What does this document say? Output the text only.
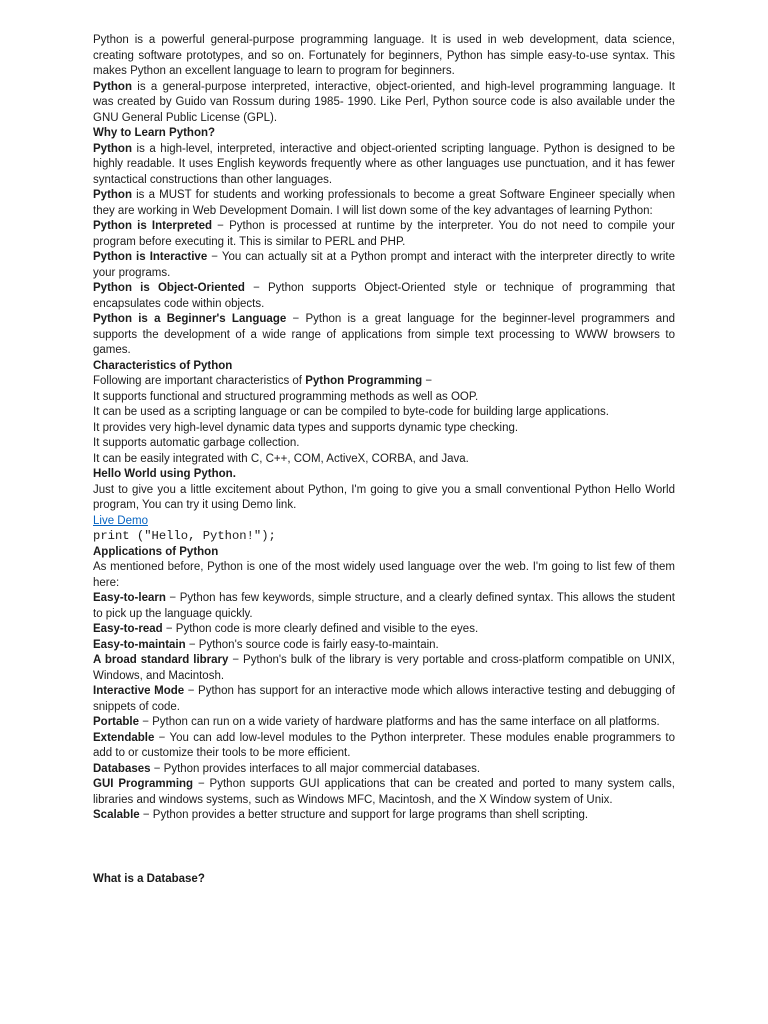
Python is a powerful general-purpose programming language. It is used in web development, data science, creating software prototypes, and so on. Fortunately for beginners, Python has simple easy-to-use syntax. This makes Python an excellent language to learn to program for beginners.

Python is a general-purpose interpreted, interactive, object-oriented, and high-level programming language. It was created by Guido van Rossum during 1985- 1990. Like Perl, Python source code is also available under the GNU General Public License (GPL).

Why to Learn Python?

Python is a high-level, interpreted, interactive and object-oriented scripting language. Python is designed to be highly readable. It uses English keywords frequently where as other languages use punctuation, and it has fewer syntactical constructions than other languages.

Python is a MUST for students and working professionals to become a great Software Engineer specially when they are working in Web Development Domain. I will list down some of the key advantages of learning Python:

Python is Interpreted − Python is processed at runtime by the interpreter. You do not need to compile your program before executing it. This is similar to PERL and PHP.

Python is Interactive − You can actually sit at a Python prompt and interact with the interpreter directly to write your programs.

Python is Object-Oriented − Python supports Object-Oriented style or technique of programming that encapsulates code within objects.

Python is a Beginner's Language − Python is a great language for the beginner-level programmers and supports the development of a wide range of applications from simple text processing to WWW browsers to games.

Characteristics of Python

Following are important characteristics of Python Programming −

It supports functional and structured programming methods as well as OOP.

It can be used as a scripting language or can be compiled to byte-code for building large applications.

It provides very high-level dynamic data types and supports dynamic type checking.

It supports automatic garbage collection.

It can be easily integrated with C, C++, COM, ActiveX, CORBA, and Java.

Hello World using Python.

Just to give you a little excitement about Python, I'm going to give you a small conventional Python Hello World program, You can try it using Demo link.

Live Demo
print ("Hello, Python!");

Applications of Python

As mentioned before, Python is one of the most widely used language over the web. I'm going to list few of them here:

Easy-to-learn − Python has few keywords, simple structure, and a clearly defined syntax. This allows the student to pick up the language quickly.

Easy-to-read − Python code is more clearly defined and visible to the eyes.

Easy-to-maintain − Python's source code is fairly easy-to-maintain.

A broad standard library − Python's bulk of the library is very portable and cross-platform compatible on UNIX, Windows, and Macintosh.

Interactive Mode − Python has support for an interactive mode which allows interactive testing and debugging of snippets of code.

Portable − Python can run on a wide variety of hardware platforms and has the same interface on all platforms.

Extendable − You can add low-level modules to the Python interpreter. These modules enable programmers to add to or customize their tools to be more efficient.

Databases − Python provides interfaces to all major commercial databases.

GUI Programming − Python supports GUI applications that can be created and ported to many system calls, libraries and windows systems, such as Windows MFC, Macintosh, and the X Window system of Unix.

Scalable − Python provides a better structure and support for large programs than shell scripting.

What is a Database?
